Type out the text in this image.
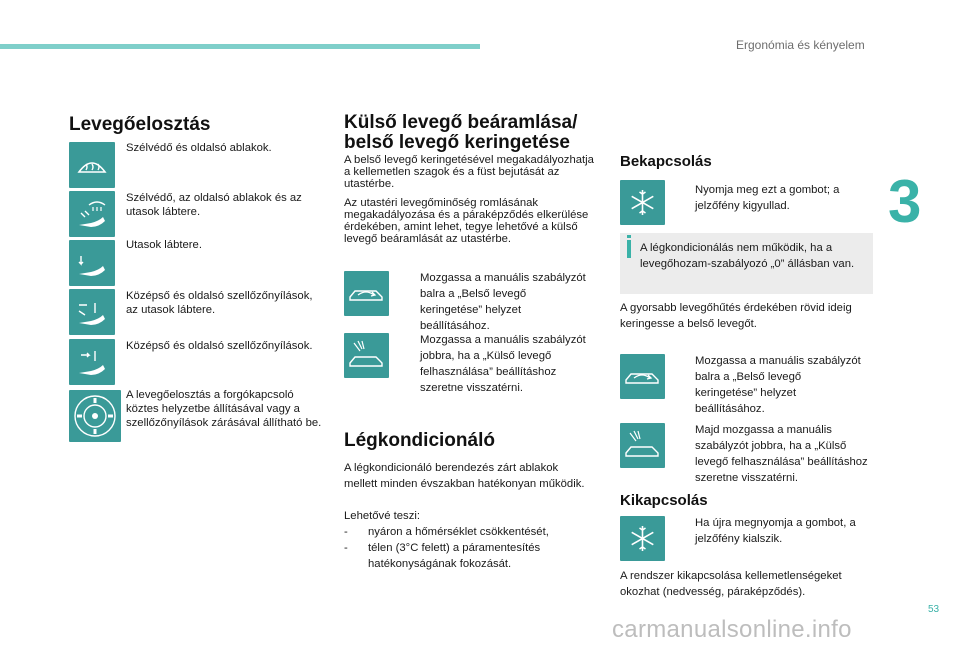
Ergonómia és kényelem
3
Levegőelosztás
Szélvédő és oldalsó ablakok.
Szélvédő, az oldalsó ablakok és az utasok lábtere.
Utasok lábtere.
Középső és oldalsó szellőzőnyílások, az utasok lábtere.
Középső és oldalsó szellőzőnyílások.
A levegőelosztás a forgókapcsoló köztes helyzetbe állításával vagy a szellőzőnyílások zárásával állítható be.
Külső levegő beáramlása/
belső levegő keringetése
A belső levegő keringetésével megakadályozhatja a kellemetlen szagok és a füst bejutását az utastérbe.
Az utastéri levegőminőség romlásának megakadályozása és a páraképződés elkerülése érdekében, amint lehet, tegye lehetővé a külső levegő beáramlását az utastérbe.
Mozgassa a manuális szabályzót balra a „Belső levegő keringetése” helyzet beállításához.
Mozgassa a manuális szabályzót jobbra, ha a „Külső levegő felhasználása” beállításhoz szeretne visszatérni.
Légkondicionáló
A légkondicionáló berendezés zárt ablakok mellett minden évszakban hatékonyan működik.
Lehetővé teszi:
- nyáron a hőmérséklet csökkentését,
- télen (3°C felett) a páramentesítés hatékonyságának fokozását.
Bekapcsolás
Nyomja meg ezt a gombot; a jelzőfény kigyullad.
A légkondicionálás nem működik, ha a levegőhozam-szabályozó „0” állásban van.
A gyorsabb levegőhűtés érdekében rövid ideig keringesse a belső levegőt.
Mozgassa a manuális szabályzót balra a „Belső levegő keringetése” helyzet beállításához.
Majd mozgassa a manuális szabályzót jobbra, ha a „Külső levegő felhasználása” beállításhoz szeretne visszatérni.
Kikapcsolás
Ha újra megnyomja a gombot, a jelzőfény kialszik.
A rendszer kikapcsolása kellemetlenségeket okozhat (nedvesség, páraképződés).
53
carmanualsonline.info
